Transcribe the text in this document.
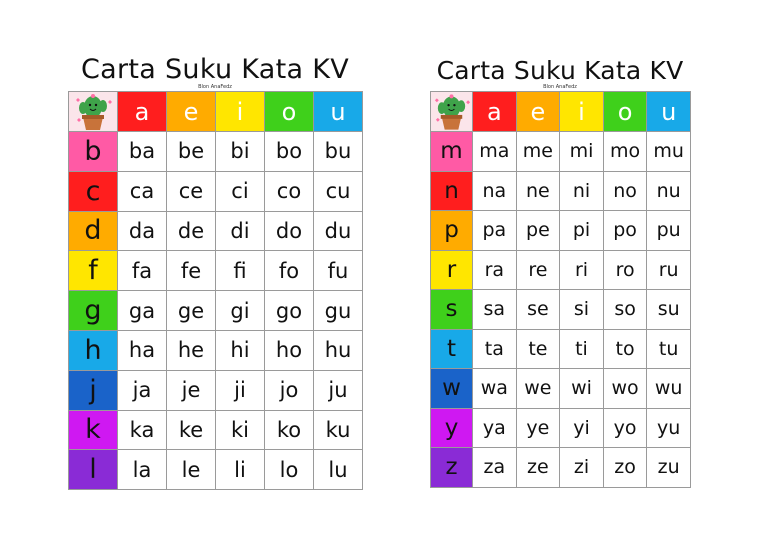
Carta Suku Kata KV
Blon AnaFedz
a	e	i	o	u
b	ba	be	bi	bo	bu
c	ca	ce	ci	co	cu
d	da	de	di	do	du
f	fa	fe	fi	fo	fu
g	ga	ge	gi	go	gu
h	ha	he	hi	ho	hu
j	ja	je	ji	jo	ju
k	ka	ke	ki	ko	ku
l	la	le	li	lo	lu
Carta Suku Kata KV
Blon AnaFedz
a	e	i	o	u
m ma me mi mo mu
n	na	ne	ni	no	nu
p	pa	pe	pi	po	pu
r	ra	re	ri	ro	ru
s	sa	se	si	so	su
t	ta	te	ti	to	tu
w	wa we	wi	wo wu
y	ya	ye	yi	yo	yu
z	za	ze	zi	zo	zu
